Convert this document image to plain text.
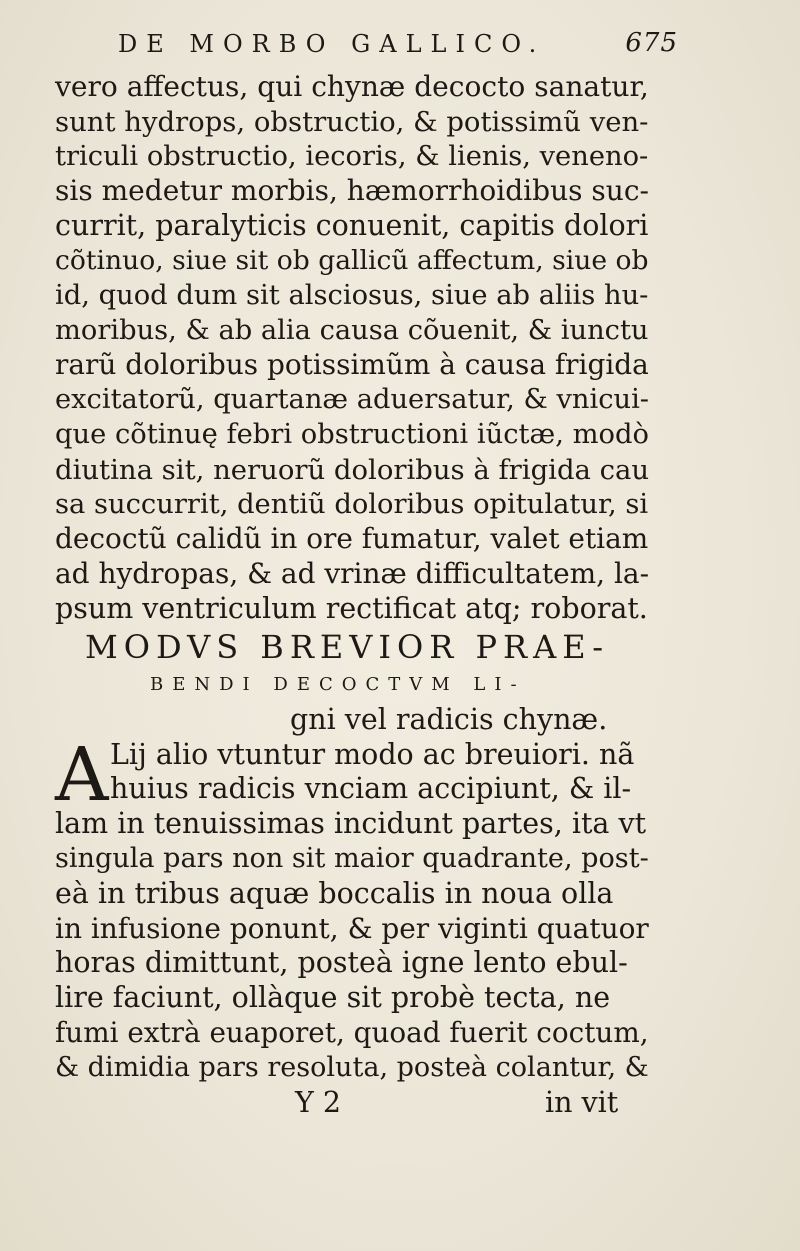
DE MORBO GALLICO.	675
vero affectus, qui chynæ decocto sanatur,
sunt hydrops, obstructio, & potissimũ ven-
triculi obstructio, iecoris, & lienis, veneno-
sis medetur morbis, hæmorrhoidibus suc-
currit, paralyticis conuenit, capitis dolori
cõtinuo, siue sit ob gallicũ affectum, siue ob
id, quod dum sit alsciosus, siue ab aliis hu-
moribus, & ab alia causa cõuenit, & iunctu
rarũ doloribus potissimũm à causa frigida
excitatorũ, quartanæ aduersatur, & vnicui-
que cõtinuę febri obstructioni iũctæ, modò
diutina sit, neruorũ doloribus à frigida cau
sa succurrit, dentiũ doloribus opitulatur, si
decoctũ calidũ in ore fumatur, valet etiam
ad hydropas, & ad vrinæ difficultatem, la-
psum ventriculum rectificat atq; roborat.
MODVS BREVIOR PRAE-
BENDI DECOCTVM LI-
gni vel radicis chynæ.
A Lij alio vtuntur modo ac breuiori. nã
huius radicis vnciam accipiunt, & il-
lam in tenuissimas incidunt partes, ita vt
singula pars non sit maior quadrante, post-
eà in tribus aquæ boccalis in noua olla
in infusione ponunt, & per viginti quatuor
horas dimittunt, posteà igne lento ebul-
lire faciunt, ollàque sit probè tecta, ne
fumi extrà euaporet, quoad fuerit coctum,
& dimidia pars resoluta, posteà colantur, &
Y 2	in vit
